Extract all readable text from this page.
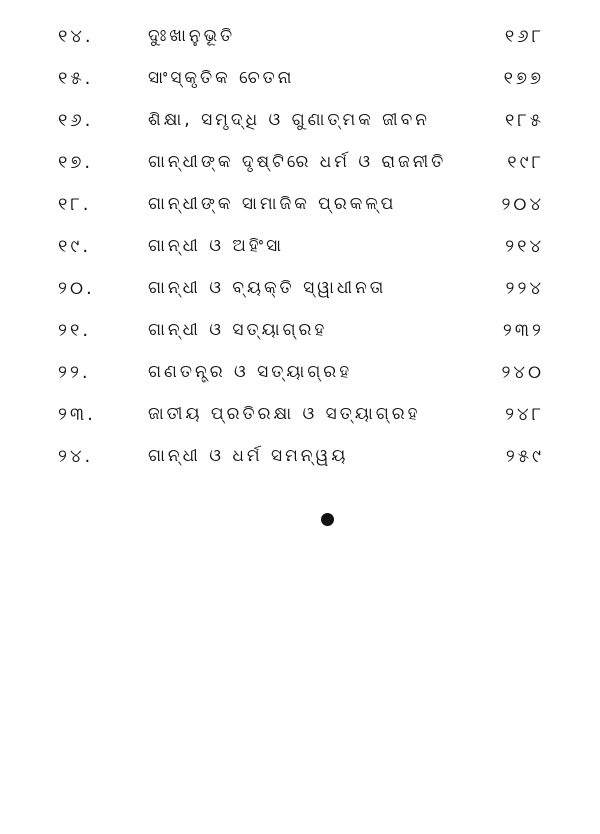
୧୪.	ଦୁଃଖାନୁଭୂତି	୧୬୮
୧୫.	ସାଂସ୍କୃତିକ ଚେତନା	୧୭୭
୧୬.	ଶିକ୍ଷା, ସମୃଦ୍ଧି ଓ ଗୁଣାତ୍ମକ ଜୀବନ	୧୮୫
୧୭.	ଗାନ୍ଧୀଙ୍କ ଦୃଷ୍ଟିରେ ଧର୍ମ ଓ ରାଜନୀତି	୧୯୮
୧୮.	ଗାନ୍ଧୀଙ୍କ ସାମାଜିକ ପ୍ରକଳ୍ପ	୨୦୪
୧୯.	ଗାନ୍ଧୀ ଓ ଅହିଂସା	୨୧୪
୨୦.	ଗାନ୍ଧୀ ଓ ବ୍ୟକ୍ତି ସ୍ୱାଧୀନତା	୨୨୪
୨୧.	ଗାନ୍ଧୀ ଓ ସତ୍ୟାଗ୍ରହ	୨୩୨
୨୨.	ଗଣତନ୍ତ୍ର ଓ ସତ୍ୟାଗ୍ରହ	୨୪୦
୨୩.	ଜାତୀୟ ପ୍ରତିରକ୍ଷା ଓ ସତ୍ୟାଗ୍ରହ	୨୪୮
୨୪.	ଗାନ୍ଧୀ ଓ ଧର୍ମ ସମନ୍ୱୟ	୨୫୯
